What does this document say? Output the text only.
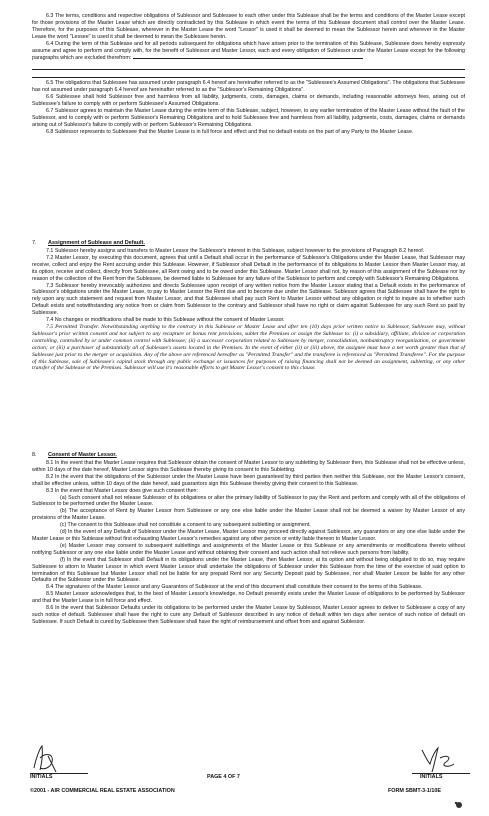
6.3 The terms, conditions and respective obligations of Sublessor and Sublessee to each other under this Sublease shall be the terms and conditions of the Master Lease except for those provisions of the Master Lease which are directly contradicted by this Sublease in which event the terms of this Sublease document shall control over the Master Lease. Therefore, for the purposes of this Sublease, wherever in the Master Lease the word "Lessor" is used it shall be deemed to mean the Sublessor herein and wherever in the Master Lease the word "Lessee" is used it shall be deemed to mean the Sublessee herein.

6.4 During the term of this Sublease and for all periods subsequent for obligations which have arisen prior to the termination of this Sublease, Sublessee does hereby expressly assume and agree to perform and comply with, for the benefit of Sublessor and Master Lessor, each and every obligation of Sublessor under the Master Lease except for the following paragraphs which are excluded therefrom:

6.5 The obligations that Sublessee has assumed under paragraph 6.4 hereof are hereinafter referred to as the "Sublessee's Assumed Obligations". The obligations that Sublessee has not assumed under paragraph 6.4 hereof are hereinafter referred to as the "Sublessor's Remaining Obligations".

6.6 Sublessee shall hold Sublessor free and harmless from all liability, judgments, costs, damages, claims or demands, including reasonable attorneys fees, arising out of Sublessee's failure to comply with or perform Sublessee's Assumed Obligations.

6.7 Sublessor agrees to maintain the Master Lease during the entire term of this Sublease, subject, however, to any earlier termination of the Master Lease without the fault of the Sublessor, and to comply with or perform Sublessor's Remaining Obligations and to hold Sublessee free and harmless from all liability, judgments, costs, damages, claims or demands arising out of Sublessor's failure to comply with or perform Sublessor's Remaining Obligations.

6.8 Sublessor represents to Sublessee that the Master Lease is in full force and effect and that no default exists on the part of any Party to the Master Lease.

7. Assignment of Sublease and Default.

7.1 Sublessor hereby assigns and transfers to Master Lessor the Sublessor's interest in this Sublease, subject however to the provisions of Paragraph 8.2 hereof.

7.2 Master Lessor, by executing this document, agrees that until a Default shall occur in the performance of Sublessor's Obligations under the Master Lease, that Sublessor may receive, collect and enjoy the Rent accruing under this Sublease. However, if Sublessor shall Default in the performance of its obligations to Master Lessor then Master Lessor may, at its option, receive and collect, directly from Sublessee, all Rent owing and to be owed under this Sublease. Master Lessor shall not, by reason of this assignment of the Sublease nor by reason of the collection of the Rent from the Sublessee, be deemed liable to Sublessee for any failure of the Sublessor to perform and comply with Sublessor's Remaining Obligations.

7.3 Sublessor hereby irrevocably authorizes and directs Sublessee upon receipt of any written notice from the Master Lessor stating that a Default exists in the performance of Sublessor's obligations under the Master Lease, to pay to Master Lessor the Rent due and to become due under the Sublease. Sublessor agrees that Sublessee shall have the right to rely upon any such statement and request from Master Lessor, and that Sublessee shall pay such Rent to Master Lessor without any obligation or right to inquire as to whether such Default exists and notwithstanding any notice from or claim from Sublessor to the contrary and Sublessor shall have no right or claim against Sublessee for any such Rent so paid by Sublessee.

7.4 No changes or modifications shall be made to this Sublease without the consent of Master Lessor.

7.5 Permitted Transfer. Notwithstanding anything to the contrary in this Sublease or Master Lease and after ten (10) days prior written notice to Sublessor, Sublessee may, without Sublessor's prior written consent and not subject to any recapture or bonus rent provisions, sublet the Premises or assign the Sublease to: (i) a subsidiary, affiliate, division or corporation controlling, controlled by or under common control with Sublessee; (ii) a successor corporation related to Sublessee by merger, consolidation, nonbankruptcy reorganization, or government action; or (iii) a purchaser of substantially all of Sublessee's assets located in the Premises. In the event of either (ii) or (iii) above, the assignee must have a net worth greater than that of Sublessee just prior to the merger or acquisition. Any of the above are referenced hereafter as "Permitted Transfer" and the transferee is referenced as "Permitted Transferee". For the purpose of this Sublease, sale of Sublessee's capital stock through any public exchange or issuances for purposes of raising financing shall not be deemed an assignment, subletting, or any other transfer of the Sublease or the Premises. Sublessor will use it's reasonable efforts to get Master Lessor's consent to this clause.

8. Consent of Master Lessor.

8.1 In the event that the Master Lease requires that Sublessor obtain the consent of Master Lessor to any subletting by Sublessor then, this Sublease shall not be effective unless, within 10 days of the date hereof, Master Lessor signs this Sublease thereby giving its consent to this Subletting.

8.2 In the event that the obligations of the Sublessor under the Master Lease have been guaranteed by third parties then neither this Sublease, nor the Master Lessor's consent, shall be effective unless, within 10 days of the date hereof, said guarantors sign this Sublease thereby giving their consent to this Sublease.

8.3 In the event that Master Lessor does give such consent then:

(a) Such consent shall not release Sublessor of its obligations or alter the primary liability of Sublessor to pay the Rent and perform and comply with all of the obligations of Sublessor to be performed under the Master Lease.

(b) The acceptance of Rent by Master Lessor from Sublessee or any one else liable under the Master Lease shall not be deemed a waiver by Master Lessor of any provisions of the Master Lease.

(c) The consent to this Sublease shall not constitute a consent to any subsequent subletting or assignment.

(d) In the event of any Default of Sublessor under the Master Lease, Master Lessor may proceed directly against Sublessor, any guarantors or any one else liable under the Master Lease or this Sublease without first exhausting Master Lessor's remedies against any other person or entity liable thereon to Master Lessor.

(e) Master Lessor may consent to subsequent sublettings and assignments of the Master Lease or this Sublease or any amendments or modifications thereto without notifying Sublessor or any one else liable under the Master Lease and without obtaining their consent and such action shall not relieve such persons from liability.

(f) In the event that Sublessor shall Default in its obligations under the Master Lease, then Master Lessor, at its option and without being obligated to do so, may require Sublessee to attorn to Master Lessor in which event Master Lessor shall undertake the obligations of Sublessor under this Sublease from the time of the exercise of said option to termination of this Sublease but Master Lessor shall not be liable for any prepaid Rent nor any Security Deposit paid by Sublessee, nor shall Master Lessor be liable for any other Defaults of the Sublessor under the Sublease.

8.4 The signatures of the Master Lessor and any Guarantors of Sublessor at the end of this document shall constitute their consent to the terms of this Sublease.

8.5 Master Lessor acknowledges that, to the best of Master Lessor's knowledge, no Default presently exists under the Master Lease of obligations to be performed by Sublessor and that the Master Lease is in full force and effect.

8.6 In the event that Sublessor Defaults under its obligations to be performed under the Master Lease by Sublessor, Master Lessor agrees to deliver to Sublessee a copy of any such notice of default. Sublessee shall have the right to cure any Default of Sublessor described in any notice of default within ten days after service of such notice of default on Sublessee. If such Default is cured by Sublessee then Sublessee shall have the right of reimbursement and offset from and against Sublessor.

INITIALS	PAGE 4 OF 7	INITIALS
©2001 - AIR COMMERCIAL REAL ESTATE ASSOCIATION	FORM SBMT-3-1/10E
